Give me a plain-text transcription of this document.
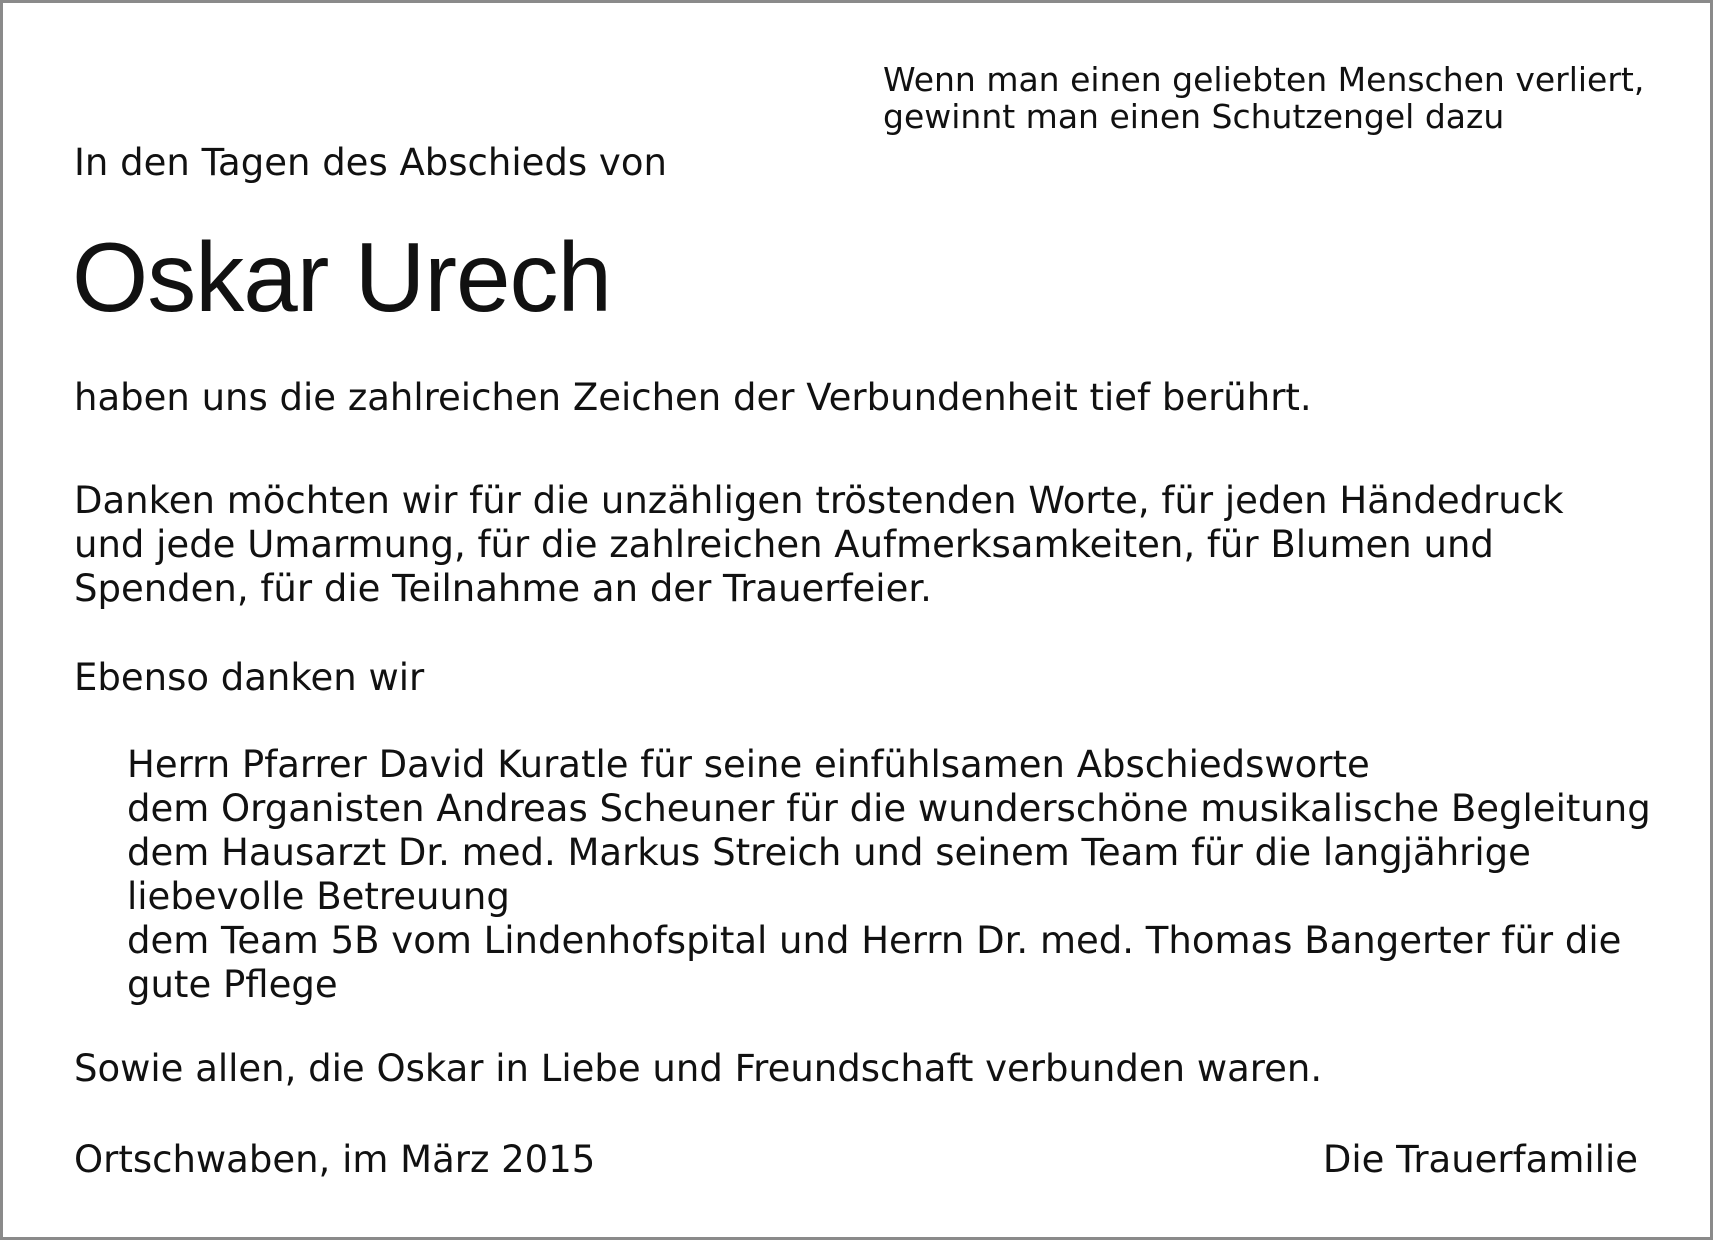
Wenn man einen geliebten Menschen verliert,
gewinnt man einen Schutzengel dazu
In den Tagen des Abschieds von
Oskar Urech
haben uns die zahlreichen Zeichen der Verbundenheit tief berührt.
Danken möchten wir für die unzähligen tröstenden Worte, für jeden Händedruck
und jede Umarmung, für die zahlreichen Aufmerksamkeiten, für Blumen und
Spenden, für die Teilnahme an der Trauerfeier.
Ebenso danken wir
Herrn Pfarrer David Kuratle für seine einfühlsamen Abschiedsworte
dem Organisten Andreas Scheuner für die wunderschöne musikalische Begleitung
dem Hausarzt Dr. med. Markus Streich und seinem Team für die langjährige
liebevolle Betreuung
dem Team 5B vom Lindenhofspital und Herrn Dr. med. Thomas Bangerter für die
gute Pflege
Sowie allen, die Oskar in Liebe und Freundschaft verbunden waren.
Ortschwaben, im März 2015	Die Trauerfamilie
